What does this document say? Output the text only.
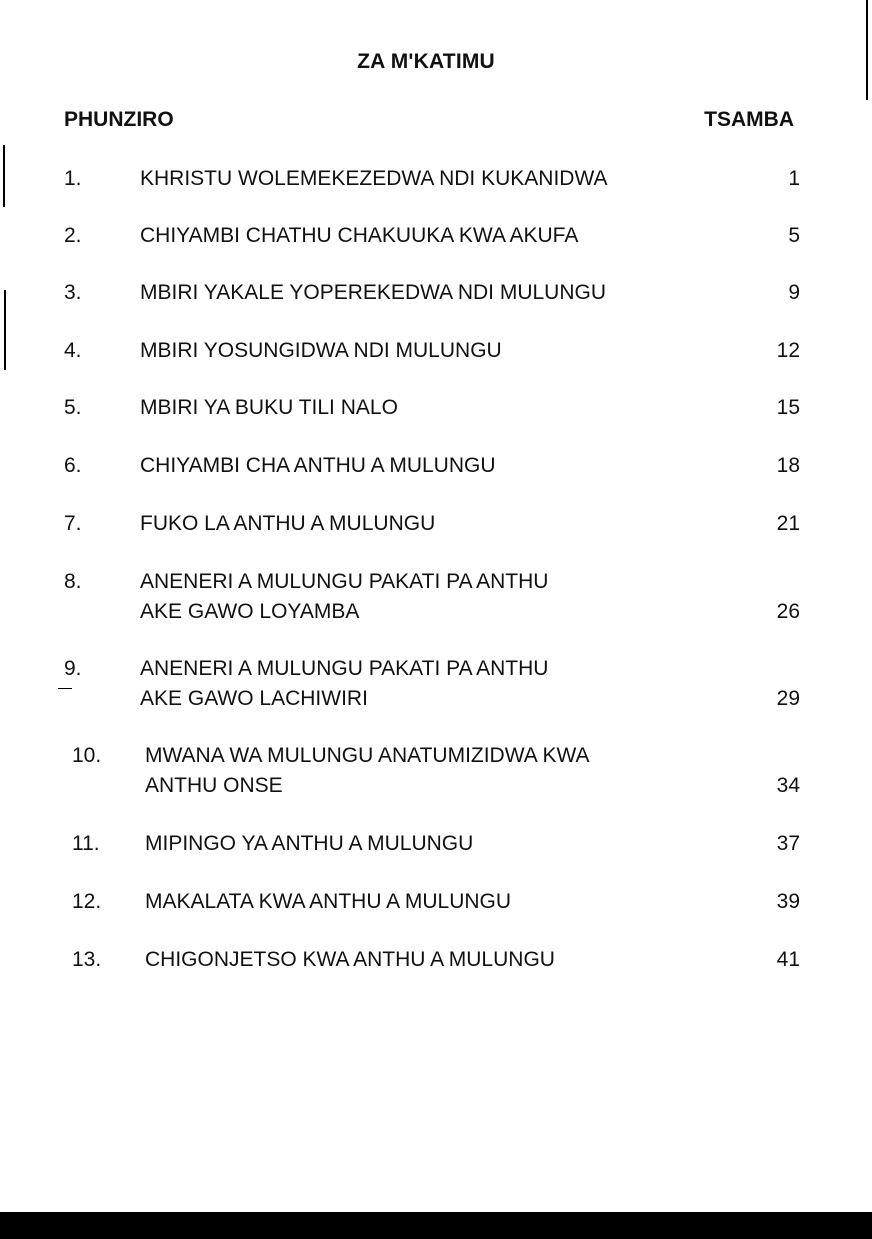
ZA M'KATIMU
PHUNZIRO	TSAMBA
1.	KHRISTU WOLEMEKEZEDWA NDI KUKANIDWA	1
2.	CHIYAMBI CHATHU CHAKUUKA KWA AKUFA	5
3.	MBIRI YAKALE YOPEREKEDWA NDI MULUNGU	9
4.	MBIRI YOSUNGIDWA NDI MULUNGU	12
5.	MBIRI YA BUKU TILI NALO	15
6.	CHIYAMBI CHA ANTHU A MULUNGU	18
7.	FUKO LA ANTHU A MULUNGU	21
8.	ANENERI A MULUNGU PAKATI PA ANTHU
AKE GAWO LOYAMBA	26
9.	ANENERI A MULUNGU PAKATI PA ANTHU
AKE GAWO LACHIWIRI	29
10.	MWANA WA MULUNGU ANATUMIZIDWA KWA
ANTHU ONSE	34
11.	MIPINGO YA ANTHU A MULUNGU	37
12.	MAKALATA KWA ANTHU A MULUNGU	39
13.	CHIGONJETSO KWA ANTHU A MULUNGU	41
